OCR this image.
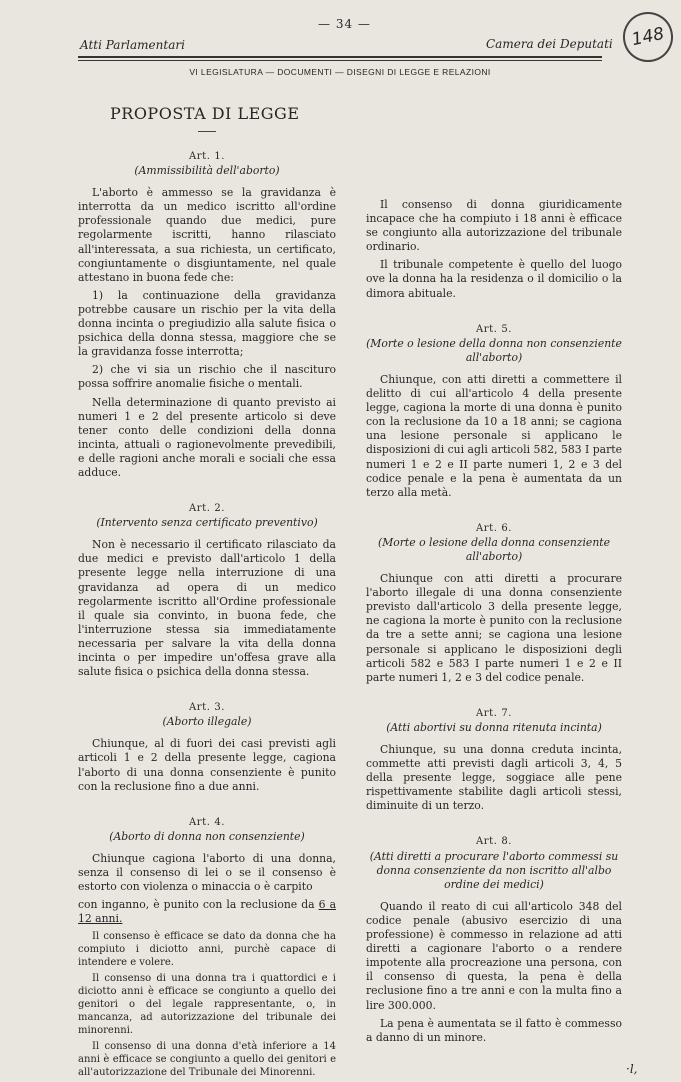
— 34 —
Atti Parlamentari	Camera dei Deputati	148
VI LEGISLATURA — DOCUMENTI — DISEGNI DI LEGGE E RELAZIONI
PROPOSTA DI LEGGE
Art. 1.
(Ammissibilità dell'aborto)

L'aborto è ammesso se la gravidanza è interrotta da un medico iscritto all'ordine professionale quando due medici, pure regolarmente iscritti, hanno rilasciato all'interessata, a sua richiesta, un certificato, congiuntamente o disgiuntamente, nel quale attestano in buona fede che:

1) la continuazione della gravidanza potrebbe causare un rischio per la vita della donna incinta o pregiudizio alla salute fisica o psichica della donna stessa, maggiore che se la gravidanza fosse interrotta;

2) che vi sia un rischio che il nascituro possa soffrire anomalie fisiche o mentali.

Nella determinazione di quanto previsto ai numeri 1 e 2 del presente articolo si deve tener conto delle condizioni della donna incinta, attuali o ragionevolmente prevedibili, e delle ragioni anche morali e sociali che essa adduce.

Art. 2.
(Intervento senza certificato preventivo)

Non è necessario il certificato rilasciato da due medici e previsto dall'articolo 1 della presente legge nella interruzione di una gravidanza ad opera di un medico regolarmente iscritto all'Ordine professionale il quale sia convinto, in buona fede, che l'interruzione stessa sia immediatamente necessaria per salvare la vita della donna incinta o per impedire un'offesa grave alla salute fisica o psichica della donna stessa.

Art. 3.
(Aborto illegale)

Chiunque, al di fuori dei casi previsti agli articoli 1 e 2 della presente legge, cagiona l'aborto di una donna consenziente è punito con la reclusione fino a due anni.

Art. 4.
(Aborto di donna non consenziente)

Chiunque cagiona l'aborto di una donna, senza il consenso di lei o se il consenso è estorto con violenza o minaccia o è carpito

con inganno, è punito con la reclusione da 6 a 12 anni.

Il consenso è efficace se dato da donna che ha compiuto i diciotto anni, purchè capace di intendere e volere.

Il consenso di una donna tra i quattordici e i diciotto anni è efficace se congiunto a quello dei genitori o del legale rappresentante, o, in mancanza, ad autorizzazione del tribunale dei minorenni.

Il consenso di una donna d'età inferiore a 14 anni è efficace se congiunto a quello dei genitori e all'autorizzazione del Tribunale dei Minorenni.

Il consenso di donna giuridicamente incapace che ha compiuto i 18 anni è efficace se congiunto alla autorizzazione del tribunale ordinario.

Il tribunale competente è quello del luogo ove la donna ha la residenza o il domicilio o la dimora abituale.

Art. 5.
(Morte o lesione della donna non consenziente all'aborto)

Chiunque, con atti diretti a commettere il delitto di cui all'articolo 4 della presente legge, cagiona la morte di una donna è punito con la reclusione da 10 a 18 anni; se cagiona una lesione personale si applicano le disposizioni di cui agli articoli 582, 583 I parte numeri 1 e 2 e II parte numeri 1, 2 e 3 del codice penale e la pena è aumentata da un terzo alla metà.

Art. 6.
(Morte o lesione della donna consenziente all'aborto)

Chiunque con atti diretti a procurare l'aborto illegale di una donna consenziente previsto dall'articolo 3 della presente legge, ne cagiona la morte è punito con la reclusione da tre a sette anni; se cagiona una lesione personale si applicano le disposizioni degli articoli 582 e 583 I parte numeri 1 e 2 e II parte numeri 1, 2 e 3 del codice penale.

Art. 7.
(Atti abortivi su donna ritenuta incinta)

Chiunque, su una donna creduta incinta, commette atti previsti dagli articoli 3, 4, 5 della presente legge, soggiace alle pene rispettivamente stabilite dagli articoli stessi, diminuite di un terzo.

Art. 8.
(Atti diretti a procurare l'aborto commessi su donna consenziente da non iscritto all'albo ordine dei medici)

Quando il reato di cui all'articolo 348 del codice penale (abusivo esercizio di una professione) è commesso in relazione ad atti diretti a cagionare l'aborto o a rendere impotente alla procreazione una persona, con il consenso di questa, la pena è della reclusione fino a tre anni e con la multa fino a lire 300.000.

La pena è aumentata se il fatto è commesso a danno di un minore.

·l,
